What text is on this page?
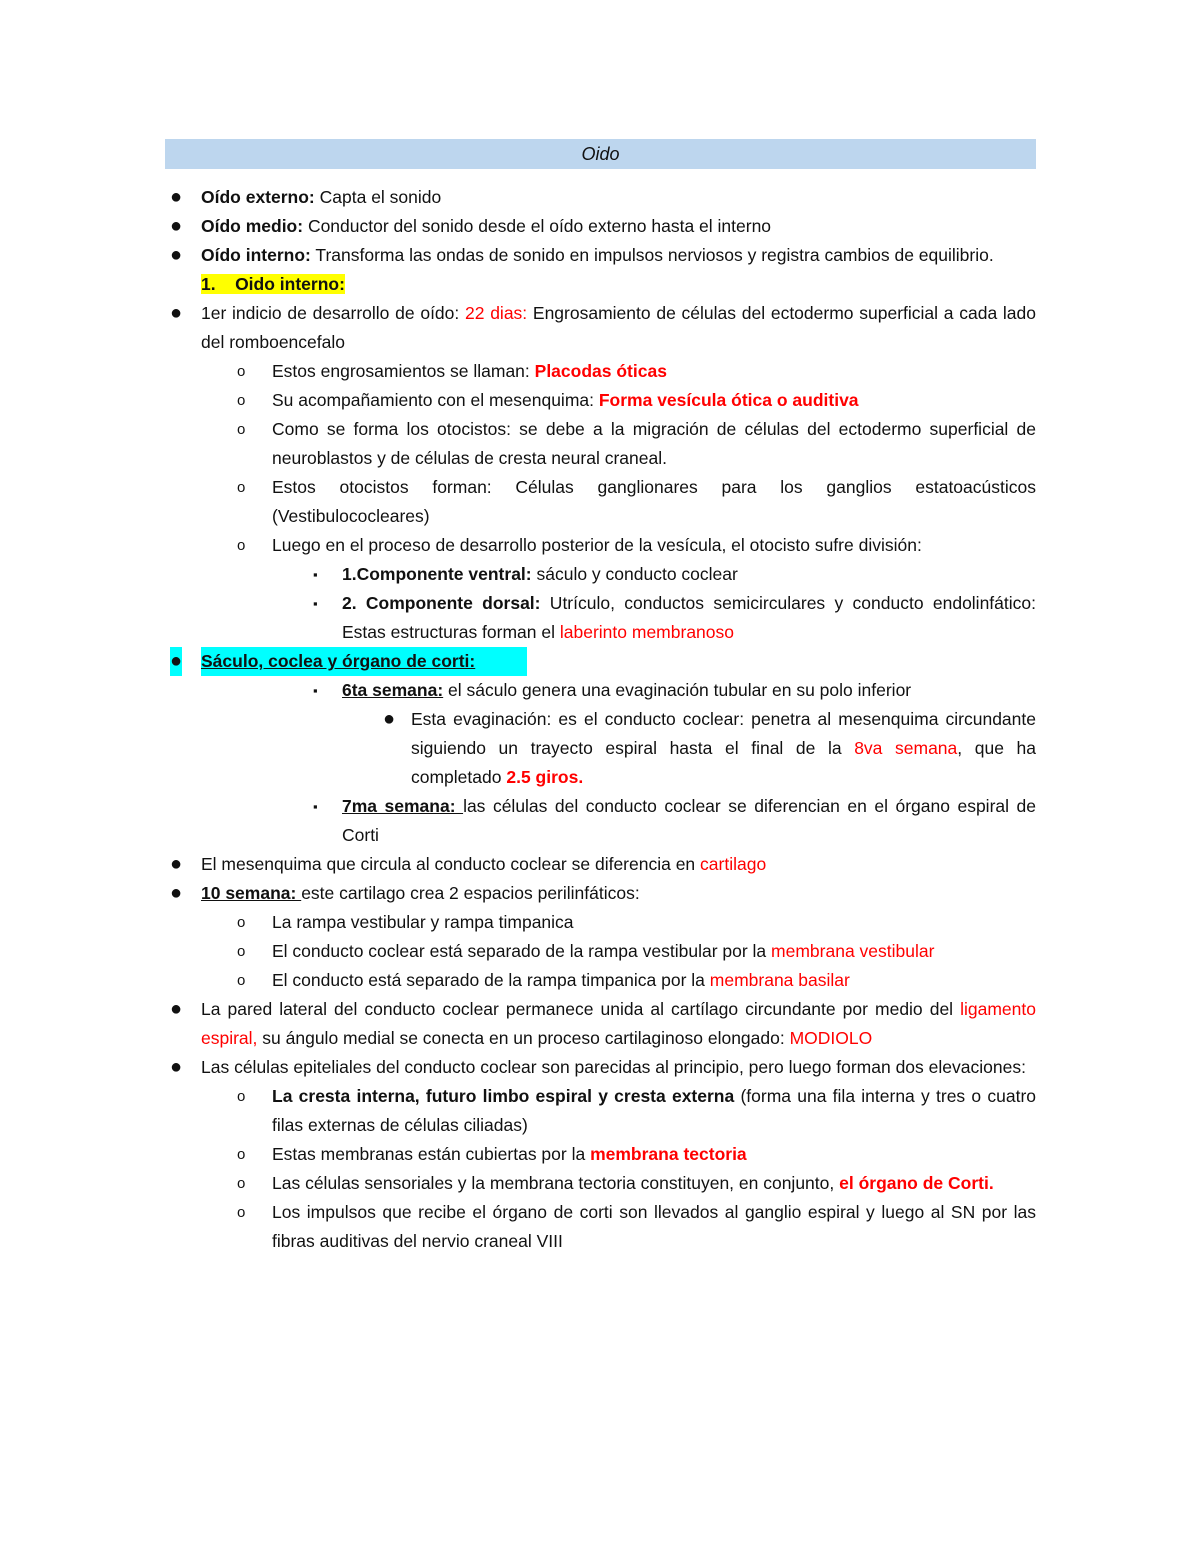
Oido
● Oído externo: Capta el sonido
● Oído medio: Conductor del sonido desde el oído externo hasta el interno
● Oído interno: Transforma las ondas de sonido en impulsos nerviosos y registra cambios de equilibrio.
1. Oido interno:
● 1er indicio de desarrollo de oído: 22 dias: Engrosamiento de células del ectodermo superficial a cada lado del romboencefalo
o Estos engrosamientos se llaman: Placodas óticas
o Su acompañamiento con el mesenquima: Forma vesícula ótica o auditiva
o Como se forma los otocistos: se debe a la migración de células del ectodermo superficial de neuroblastos y de células de cresta neural craneal.
o Estos otocistos forman: Células ganglionares para los ganglios estatoacústicos (Vestibulococleares)
o Luego en el proceso de desarrollo posterior de la vesícula, el otocisto sufre división:
▪ 1.Componente ventral: sáculo y conducto coclear
▪ 2. Componente dorsal: Utrículo, conductos semicirculares y conducto endolinfático: Estas estructuras forman el laberinto membranoso
● Sáculo, coclea y órgano de corti:
▪ 6ta semana: el sáculo genera una evaginación tubular en su polo inferior
● Esta evaginación: es el conducto coclear: penetra al mesenquima circundante siguiendo un trayecto espiral hasta el final de la 8va semana, que ha completado 2.5 giros.
▪ 7ma semana: las células del conducto coclear se diferencian en el órgano espiral de Corti
● El mesenquima que circula al conducto coclear se diferencia en cartilago
● 10 semana: este cartilago crea 2 espacios perilinfáticos:
o La rampa vestibular y rampa timpanica
o El conducto coclear está separado de la rampa vestibular por la membrana vestibular
o El conducto está separado de la rampa timpanica por la membrana basilar
● La pared lateral del conducto coclear permanece unida al cartílago circundante por medio del ligamento espiral, su ángulo medial se conecta en un proceso cartilaginoso elongado: MODIOLO
● Las células epiteliales del conducto coclear son parecidas al principio, pero luego forman dos elevaciones:
o La cresta interna, futuro limbo espiral y cresta externa (forma una fila interna y tres o cuatro filas externas de células ciliadas)
o Estas membranas están cubiertas por la membrana tectoria
o Las células sensoriales y la membrana tectoria constituyen, en conjunto, el órgano de Corti.
o Los impulsos que recibe el órgano de corti son llevados al ganglio espiral y luego al SN por las fibras auditivas del nervio craneal VIII
